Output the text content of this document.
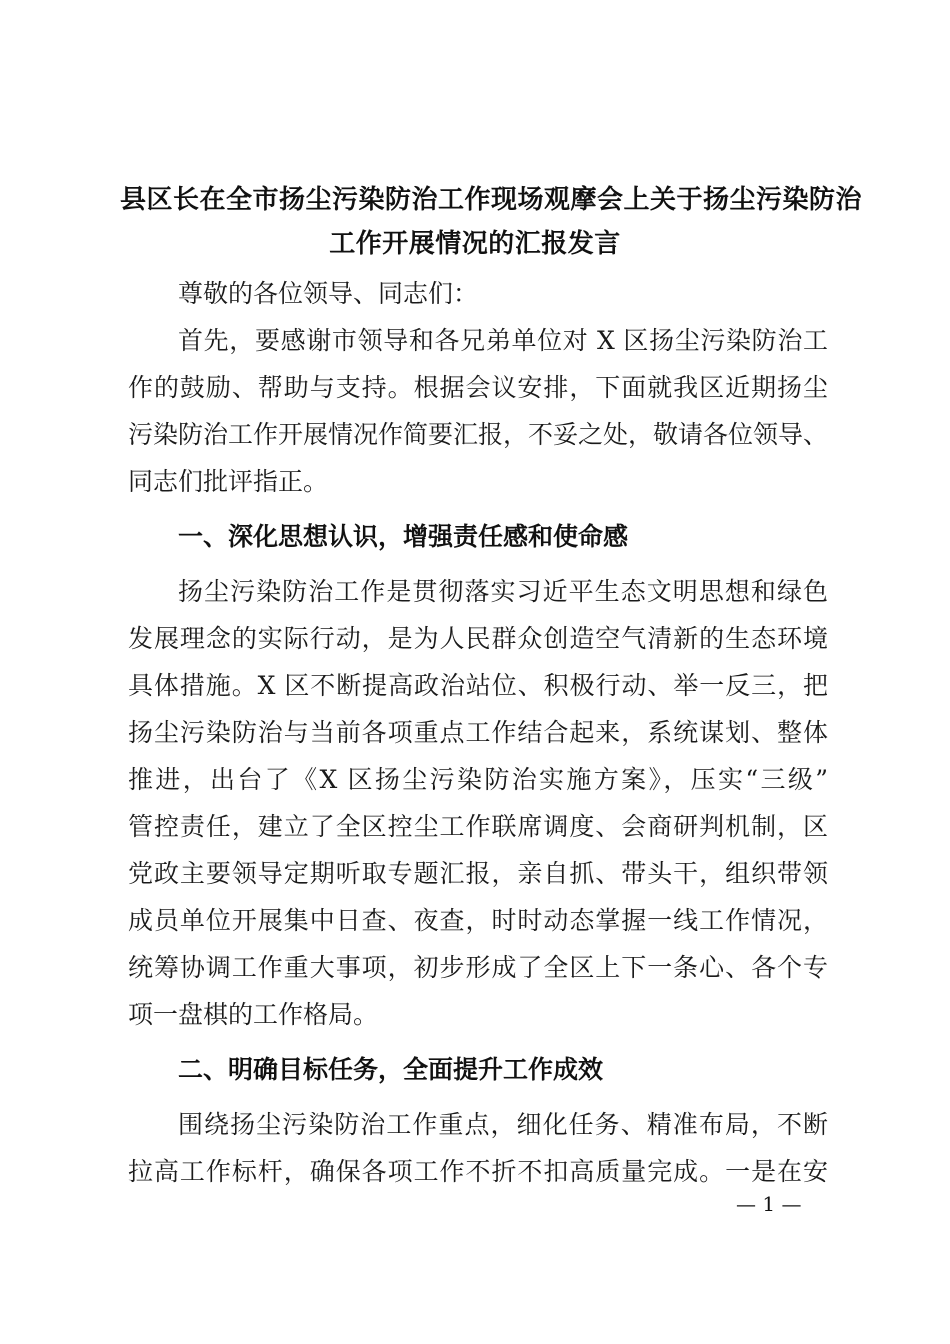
县区长在全市扬尘污染防治工作现场观摩会上关于扬尘污染防治
工作开展情况的汇报发言
尊敬的各位领导、同志们：
首先，要感谢市领导和各兄弟单位对 X 区扬尘污染防治工
作的鼓励、帮助与支持。根据会议安排，下面就我区近期扬尘
污染防治工作开展情况作简要汇报，不妥之处，敬请各位领导、
同志们批评指正。
一、深化思想认识，增强责任感和使命感
扬尘污染防治工作是贯彻落实习近平生态文明思想和绿色
发展理念的实际行动，是为人民群众创造空气清新的生态环境
具体措施。X 区不断提高政治站位、积极行动、举一反三，把
扬尘污染防治与当前各项重点工作结合起来，系统谋划、整体
推进，出台了《X 区扬尘污染防治实施方案》，压实“三级”
管控责任，建立了全区控尘工作联席调度、会商研判机制，区
党政主要领导定期听取专题汇报，亲自抓、带头干，组织带领
成员单位开展集中日查、夜查，时时动态掌握一线工作情况，
统筹协调工作重大事项，初步形成了全区上下一条心、各个专
项一盘棋的工作格局。
二、明确目标任务，全面提升工作成效
围绕扬尘污染防治工作重点，细化任务、精准布局，不断
拉高工作标杆，确保各项工作不折不扣高质量完成。一是在安
— 1 —
